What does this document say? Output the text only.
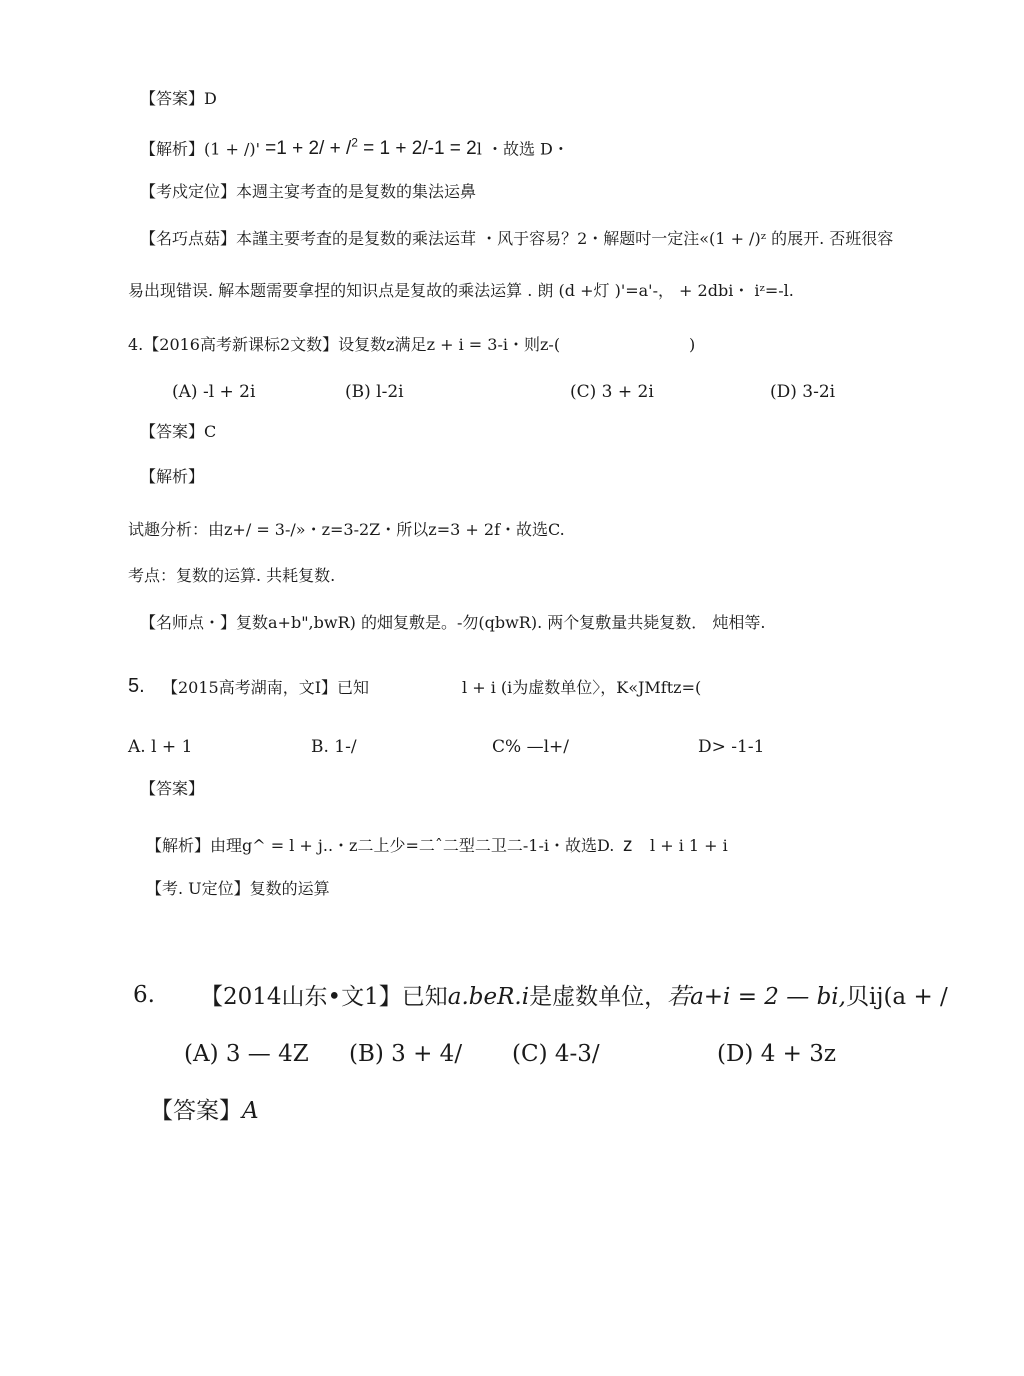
【答案】D
【解析】(1 + /)' =1 + 2/ + /$^2$ = 1 + 2/-1 = 2l ・故选 D・
【考戍定位】本週主宴考査的是复数的集法运鼻
【名巧点菇】本謹主要考査的是复数的乘法运茸 ・风于容易？2・解题吋一定注«(1 + /)ᶻ 的展开. 否班很容
易出现错误. 解本题需要拿捏的知识点是复故的乘法运算 . 朗 (d +灯 )'=a'-， + 2dbi・ iᶻ=-l.
4.【2016高考新课标2文数】设复数z满足z + i = 3-i・则z-(	)
(A) -l + 2i	(B) l-2i	(C) 3 + 2i	(D) 3-2i
【答案】C
【解析】
试趣分析：由z+/ = 3-/»・z=3-2Z・所以z=3 + 2f・故选C.
考点：复数的运算. 共耗复数.
【名师点・】复数a+b",bwR) 的畑复敷是。-勿(qbwR). 两个复敷量共毙复数． 炖相等.
5. 【2015高考湖南，文I】已知	l + i (i为虚数单位〉，K«JMftz=(
A. l + 1	B. 1-/	C% —l+/	D> -1-1
【答案】
【解析】由理g^ = l + j..・z二上少=二ˆ二型二卫二-1-i・故选D. z l + i 1 + i
【考. U定位】复数的运算
6. 【2014山东•文1】已知a.beR.i是虚数单位，若a+i = 2 — bi,贝ij(a + /
(A) 3 — 4Z (B) 3 + 4/ (C) 4-3/	(D) 4 + 3z
【答案】A
